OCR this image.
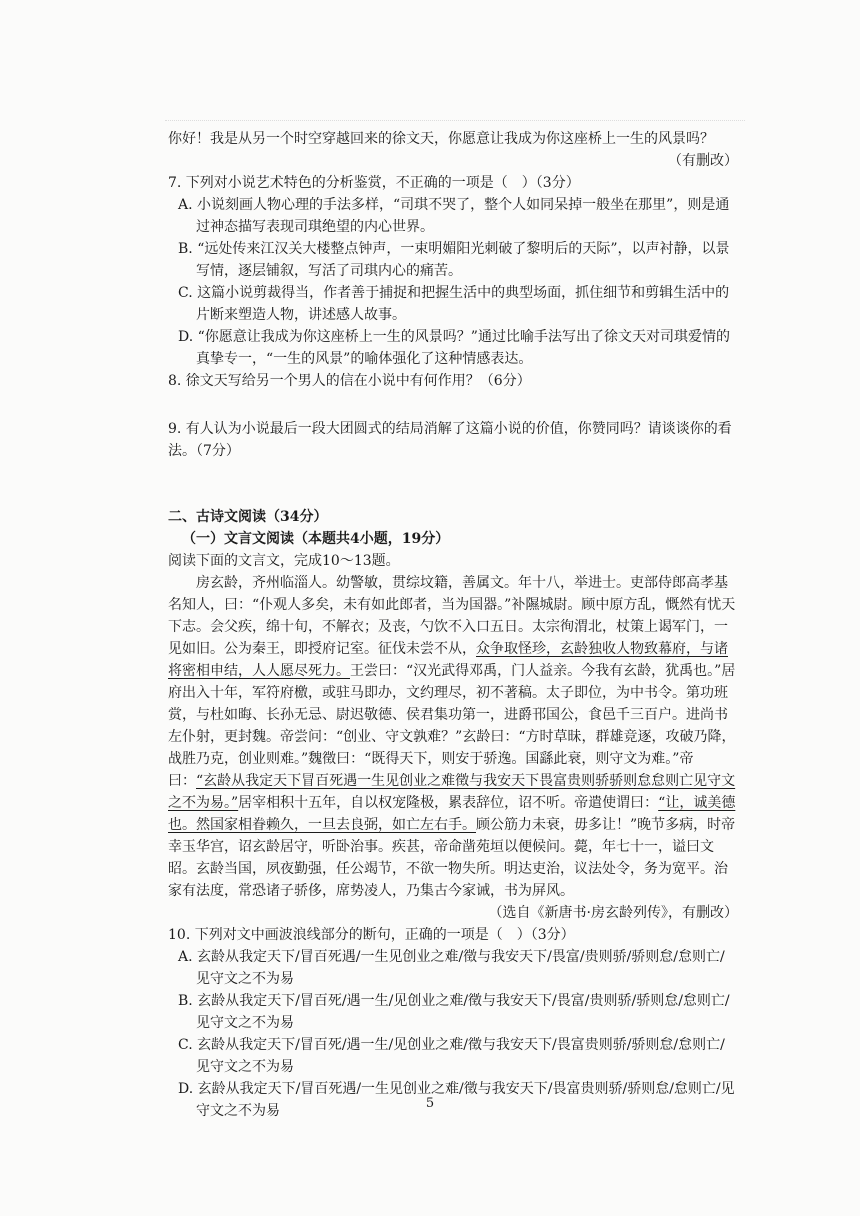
你好！我是从另一个时空穿越回来的徐文天，你愿意让我成为你这座桥上一生的风景吗？

（有删改）

7. 下列对小说艺术特色的分析鉴赏，不正确的一项是（　）（3分）

A. 小说刻画人物心理的手法多样，“司琪不哭了，整个人如同呆掉一般坐在那里”，则是通过神态描写表现司琪绝望的内心世界。

B. “远处传来江汉关大楼整点钟声，一束明媚阳光刺破了黎明后的天际”，以声衬静，以景写情，逐层铺叙，写活了司琪内心的痛苦。

C. 这篇小说剪裁得当，作者善于捕捉和把握生活中的典型场面，抓住细节和剪辑生活中的片断来塑造人物，讲述感人故事。

D. “你愿意让我成为你这座桥上一生的风景吗？”通过比喻手法写出了徐文天对司琪爱情的真挚专一，“一生的风景”的喻体强化了这种情感表达。

8. 徐文天写给另一个男人的信在小说中有何作用？（6分）

9. 有人认为小说最后一段大团圆式的结局消解了这篇小说的价值，你赞同吗？请谈谈你的看法。（7分）

二、古诗文阅读（34分）

（一）文言文阅读（本题共4小题，19分）

阅读下面的文言文，完成10～13题。

房玄龄，齐州临淄人。幼警敏，贯综坟籍，善属文。年十八，举进士。吏部侍郎高孝基名知人，曰：“仆观人多矣，未有如此郎者，当为国器。”补隰城尉。顾中原方乱，慨然有忧天下志。会父疾，绵十旬，不解衣；及丧，勺饮不入口五日。太宗徇渭北，杖策上谒军门，一见如旧。公为秦王，即授府记室。征伐未尝不从，众争取怪珍，玄龄独收人物致幕府，与诸将密相申结，人人愿尽死力。王尝曰：“汉光武得邓禹，门人益亲。今我有玄龄，犹禹也。”居府出入十年，军符府檄，或驻马即办，文约理尽，初不著稿。太子即位，为中书令。第功班赏，与杜如晦、长孙无忌、尉迟敬德、侯君集功第一，进爵邗国公，食邑千三百户。进尚书左仆射，更封魏。帝尝问：“创业、守文孰难？”玄龄曰：“方时草昧，群雄竞逐，攻破乃降，战胜乃克，创业则难。”魏徵曰：“既得天下，则安于骄逸。国繇此衰，则守文为难。”帝曰：“玄龄从我定天下冒百死遇一生见创业之难徵与我安天下畏富贵则骄骄则怠怠则亡见守文之不为易。”居宰相积十五年，自以权宠隆极，累表辞位，诏不听。帝遣使谓曰：“让，诚美德也。然国家相眷赖久，一旦去良弼，如亡左右手。顾公筋力未衰，毋多让！”晚节多病，时帝幸玉华宫，诏玄龄居守，听卧治事。疾甚，帝命凿苑垣以便候问。薨，年七十一，谥曰文昭。玄龄当国，夙夜勤强，任公竭节，不欲一物失所。明达吏治，议法处令，务为宽平。治家有法度，常恐诸子骄侈，席势凌人，乃集古今家诫，书为屏风。

（选自《新唐书·房玄龄列传》，有删改）

10. 下列对文中画波浪线部分的断句，正确的一项是（　）（3分）

A. 玄龄从我定天下/冒百死遇/一生见创业之难/徵与我安天下/畏富/贵则骄/骄则怠/怠则亡/见守文之不为易

B. 玄龄从我定天下/冒百死/遇一生/见创业之难/徵与我安天下/畏富/贵则骄/骄则怠/怠则亡/见守文之不为易

C. 玄龄从我定天下/冒百死/遇一生/见创业之难/徵与我安天下/畏富贵则骄/骄则怠/怠则亡/见守文之不为易

D. 玄龄从我定天下/冒百死遇/一生见创业之难/徵与我安天下/畏富贵则骄/骄则怠/怠则亡/见守文之不为易	5
